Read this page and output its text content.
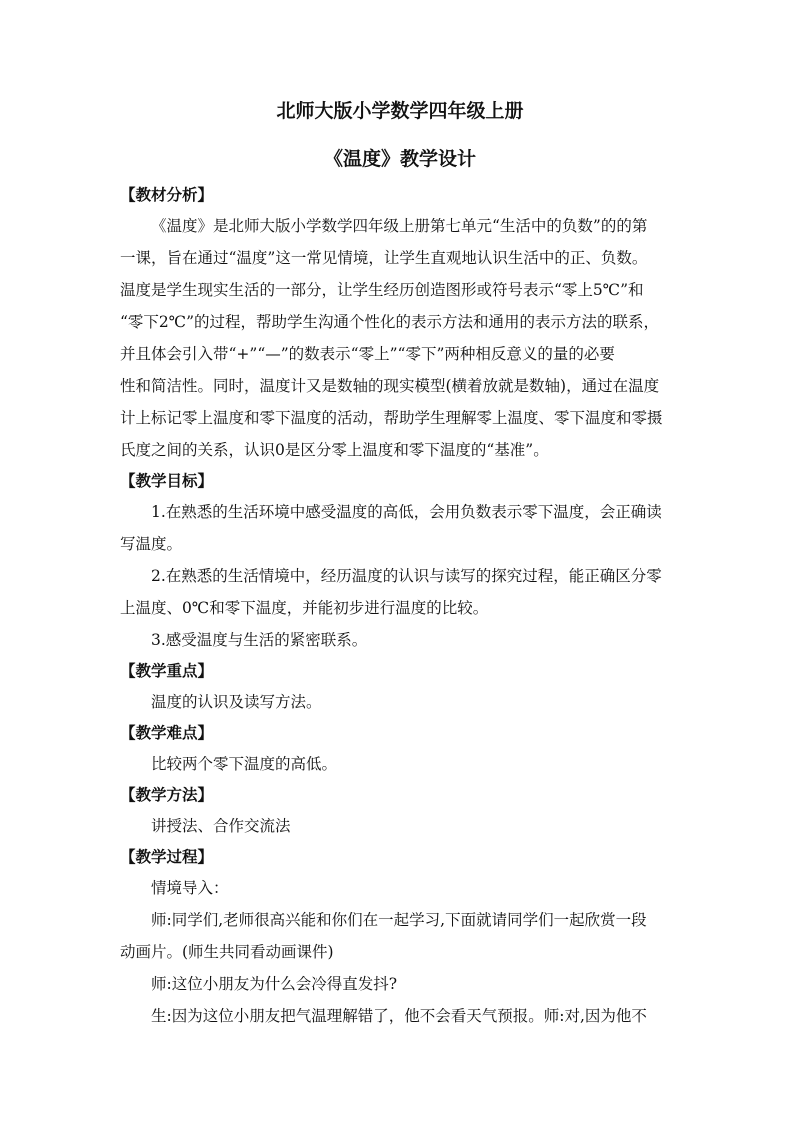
北师大版小学数学四年级上册

《温度》教学设计

【教材分析】

《温度》是北师大版小学数学四年级上册第七单元“生活中的负数”的的第

一课，旨在通过“温度”这一常见情境，让学生直观地认识生活中的正、负数。

温度是学生现实生活的一部分，让学生经历创造图形或符号表示“零上5℃”和

“零下2℃”的过程，帮助学生沟通个性化的表示方法和通用的表示方法的联系，

并且体会引入带“+”“—”的数表示“零上”“零下”两种相反意义的量的必要

性和简洁性。同时，温度计又是数轴的现实模型(横着放就是数轴)，通过在温度

计上标记零上温度和零下温度的活动，帮助学生理解零上温度、零下温度和零摄

氏度之间的关系，认识0是区分零上温度和零下温度的“基准”。

【教学目标】

1.在熟悉的生活环境中感受温度的高低，会用负数表示零下温度，会正确读

写温度。

2.在熟悉的生活情境中，经历温度的认识与读写的探究过程，能正确区分零

上温度、0℃和零下温度，并能初步进行温度的比较。

3.感受温度与生活的紧密联系。

【教学重点】

温度的认识及读写方法。

【教学难点】

比较两个零下温度的高低。

【教学方法】

讲授法、合作交流法

【教学过程】

情境导入：

师:同学们,老师很高兴能和你们在一起学习,下面就请同学们一起欣赏一段

动画片。(师生共同看动画课件)

师:这位小朋友为什么会冷得直发抖?

生:因为这位小朋友把气温理解错了，他不会看天气预报。师:对,因为他不
